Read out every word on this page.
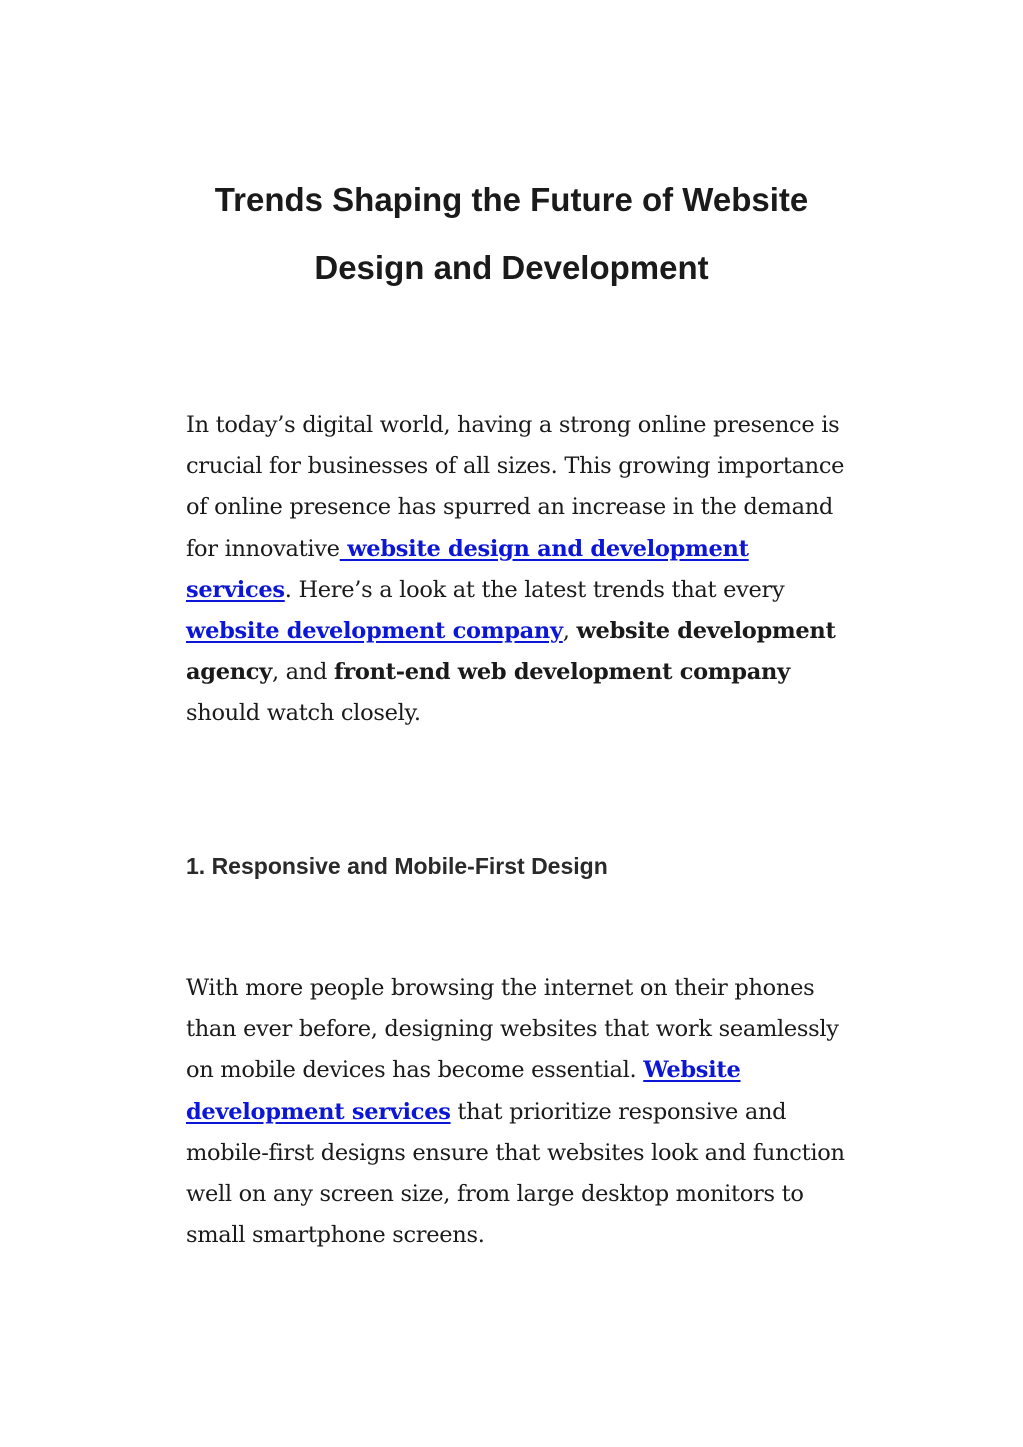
Trends Shaping the Future of Website
Design and Development

In today’s digital world, having a strong online presence is crucial for businesses of all sizes. This growing importance of online presence has spurred an increase in the demand for innovative website design and development services. Here’s a look at the latest trends that every website development company, website development agency, and front-end web development company should watch closely.

1. Responsive and Mobile-First Design

With more people browsing the internet on their phones than ever before, designing websites that work seamlessly on mobile devices has become essential. Website development services that prioritize responsive and mobile-first designs ensure that websites look and function well on any screen size, from large desktop monitors to small smartphone screens.
